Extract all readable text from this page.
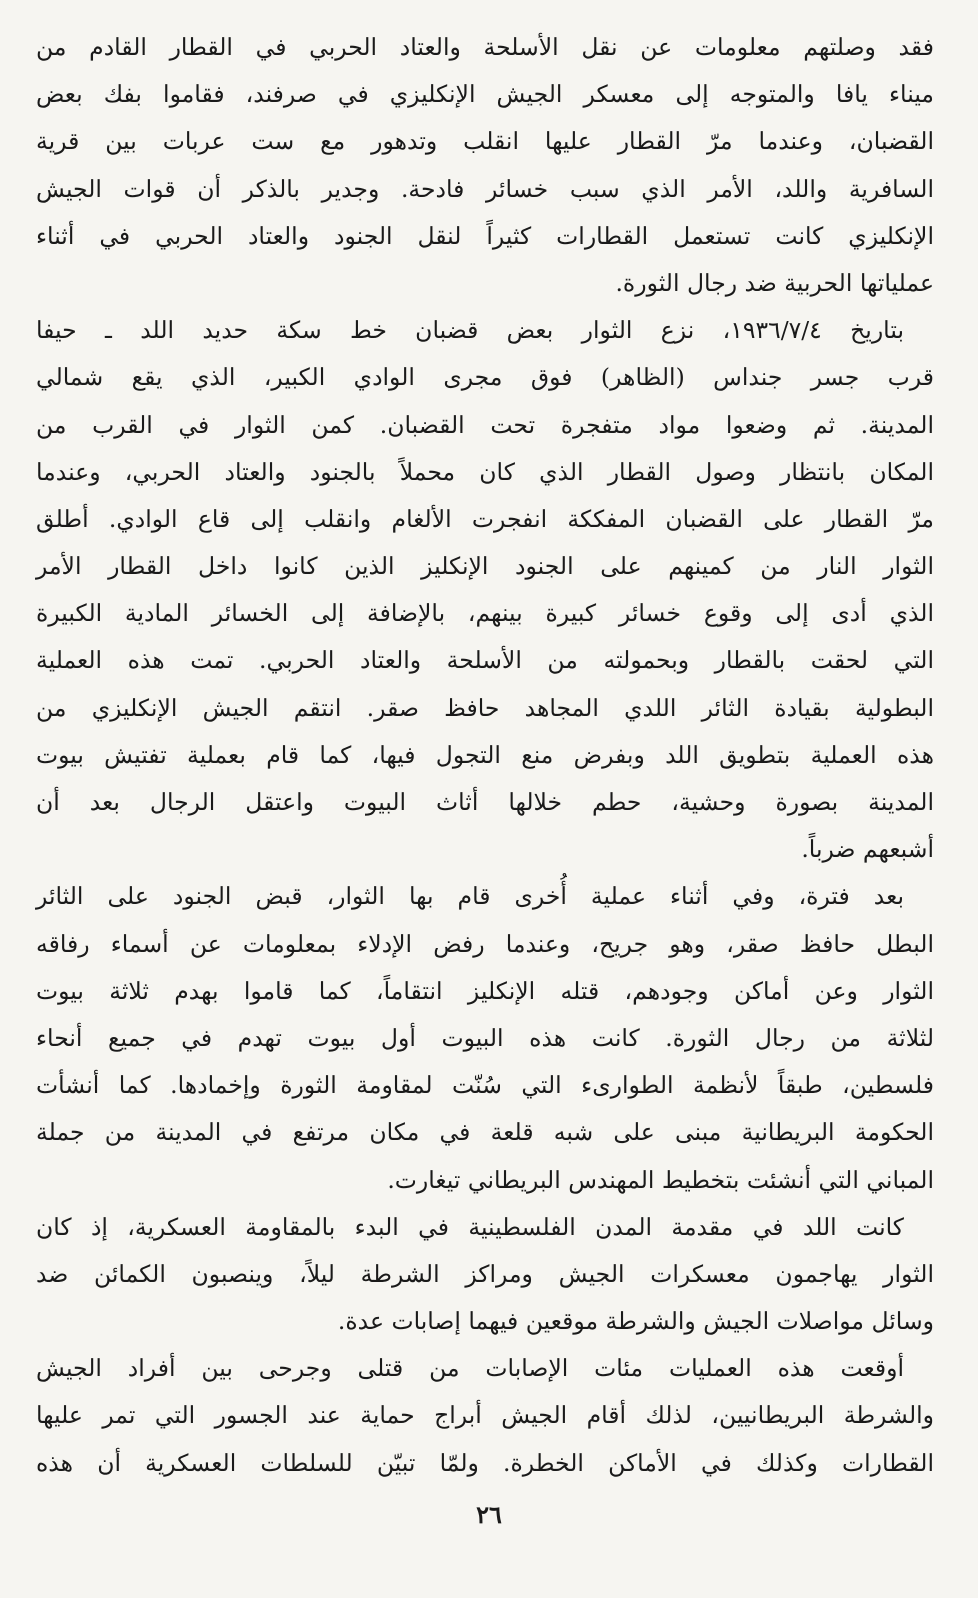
فقد وصلتهم معلومات عن نقل الأسلحة والعتاد الحربي في القطار القادم من
ميناء يافا والمتوجه إلى معسكر الجيش الإنكليزي في صرفند، فقاموا بفك بعض
القضبان، وعندما مرّ القطار عليها انقلب وتدهور مع ست عربات بين قرية
السافرية واللد، الأمر الذي سبب خسائر فادحة. وجدير بالذكر أن قوات الجيش
الإنكليزي كانت تستعمل القطارات كثيراً لنقل الجنود والعتاد الحربي في أثناء
عملياتها الحربية ضد رجال الثورة.
بتاريخ ١٩٣٦/٧/٤، نزع الثوار بعض قضبان خط سكة حديد اللد ـ حيفا
قرب جسر جنداس (الظاهر) فوق مجرى الوادي الكبير، الذي يقع شمالي
المدينة. ثم وضعوا مواد متفجرة تحت القضبان. كمن الثوار في القرب من
المكان بانتظار وصول القطار الذي كان محملاً بالجنود والعتاد الحربي، وعندما
مرّ القطار على القضبان المفككة انفجرت الألغام وانقلب إلى قاع الوادي. أطلق
الثوار النار من كمينهم على الجنود الإنكليز الذين كانوا داخل القطار الأمر
الذي أدى إلى وقوع خسائر كبيرة بينهم، بالإضافة إلى الخسائر المادية الكبيرة
التي لحقت بالقطار وبحمولته من الأسلحة والعتاد الحربي. تمت هذه العملية
البطولية بقيادة الثائر اللدي المجاهد حافظ صقر. انتقم الجيش الإنكليزي من
هذه العملية بتطويق اللد وبفرض منع التجول فيها، كما قام بعملية تفتيش بيوت
المدينة بصورة وحشية، حطم خلالها أثاث البيوت واعتقل الرجال بعد أن
أشبعهم ضرباً.
بعد فترة، وفي أثناء عملية أُخرى قام بها الثوار، قبض الجنود على الثائر
البطل حافظ صقر، وهو جريح، وعندما رفض الإدلاء بمعلومات عن أسماء رفاقه
الثوار وعن أماكن وجودهم، قتله الإنكليز انتقاماً، كما قاموا بهدم ثلاثة بيوت
لثلاثة من رجال الثورة. كانت هذه البيوت أول بيوت تهدم في جميع أنحاء
فلسطين، طبقاً لأنظمة الطوارىء التي سُنّت لمقاومة الثورة وإخمادها. كما أنشأت
الحكومة البريطانية مبنى على شبه قلعة في مكان مرتفع في المدينة من جملة
المباني التي أنشئت بتخطيط المهندس البريطاني تيغارت.
كانت اللد في مقدمة المدن الفلسطينية في البدء بالمقاومة العسكرية، إذ كان
الثوار يهاجمون معسكرات الجيش ومراكز الشرطة ليلاً، وينصبون الكمائن ضد
وسائل مواصلات الجيش والشرطة موقعين فيهما إصابات عدة.
أوقعت هذه العمليات مئات الإصابات من قتلى وجرحى بين أفراد الجيش
والشرطة البريطانيين، لذلك أقام الجيش أبراج حماية عند الجسور التي تمر عليها
القطارات وكذلك في الأماكن الخطرة. ولمّا تبيّن للسلطات العسكرية أن هذه
٢٦
